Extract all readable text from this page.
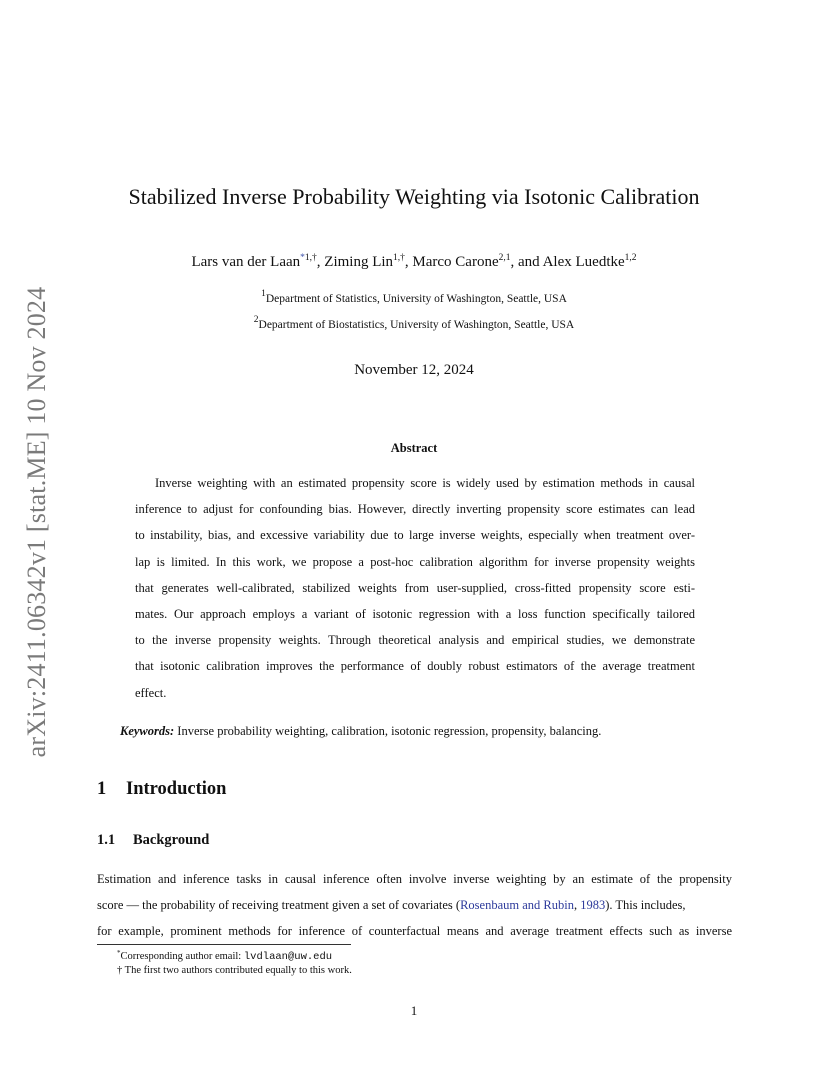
arXiv:2411.06342v1 [stat.ME] 10 Nov 2024
Stabilized Inverse Probability Weighting via Isotonic Calibration
Lars van der Laan$^{*1,\dagger}$, Ziming Lin$^{1,\dagger}$, Marco Carone$^{2,1}$, and Alex Luedtke$^{1,2}$
$^1$Department of Statistics, University of Washington, Seattle, USA
$^2$Department of Biostatistics, University of Washington, Seattle, USA
November 12, 2024
Abstract
Inverse weighting with an estimated propensity score is widely used by estimation methods in causal
inference to adjust for confounding bias. However, directly inverting propensity score estimates can lead
to instability, bias, and excessive variability due to large inverse weights, especially when treatment over-
lap is limited. In this work, we propose a post-hoc calibration algorithm for inverse propensity weights
that generates well-calibrated, stabilized weights from user-supplied, cross-fitted propensity score esti-
mates. Our approach employs a variant of isotonic regression with a loss function specifically tailored
to the inverse propensity weights. Through theoretical analysis and empirical studies, we demonstrate
that isotonic calibration improves the performance of doubly robust estimators of the average treatment
effect.
Keywords: Inverse probability weighting, calibration, isotonic regression, propensity, balancing.
1 Introduction
1.1 Background
Estimation and inference tasks in causal inference often involve inverse weighting by an estimate of the propensity
score — the probability of receiving treatment given a set of covariates (Rosenbaum and Rubin, 1983). This includes,
for example, prominent methods for inference of counterfactual means and average treatment effects such as inverse
*Corresponding author email: lvdlaan@uw.edu
† The first two authors contributed equally to this work.
1
